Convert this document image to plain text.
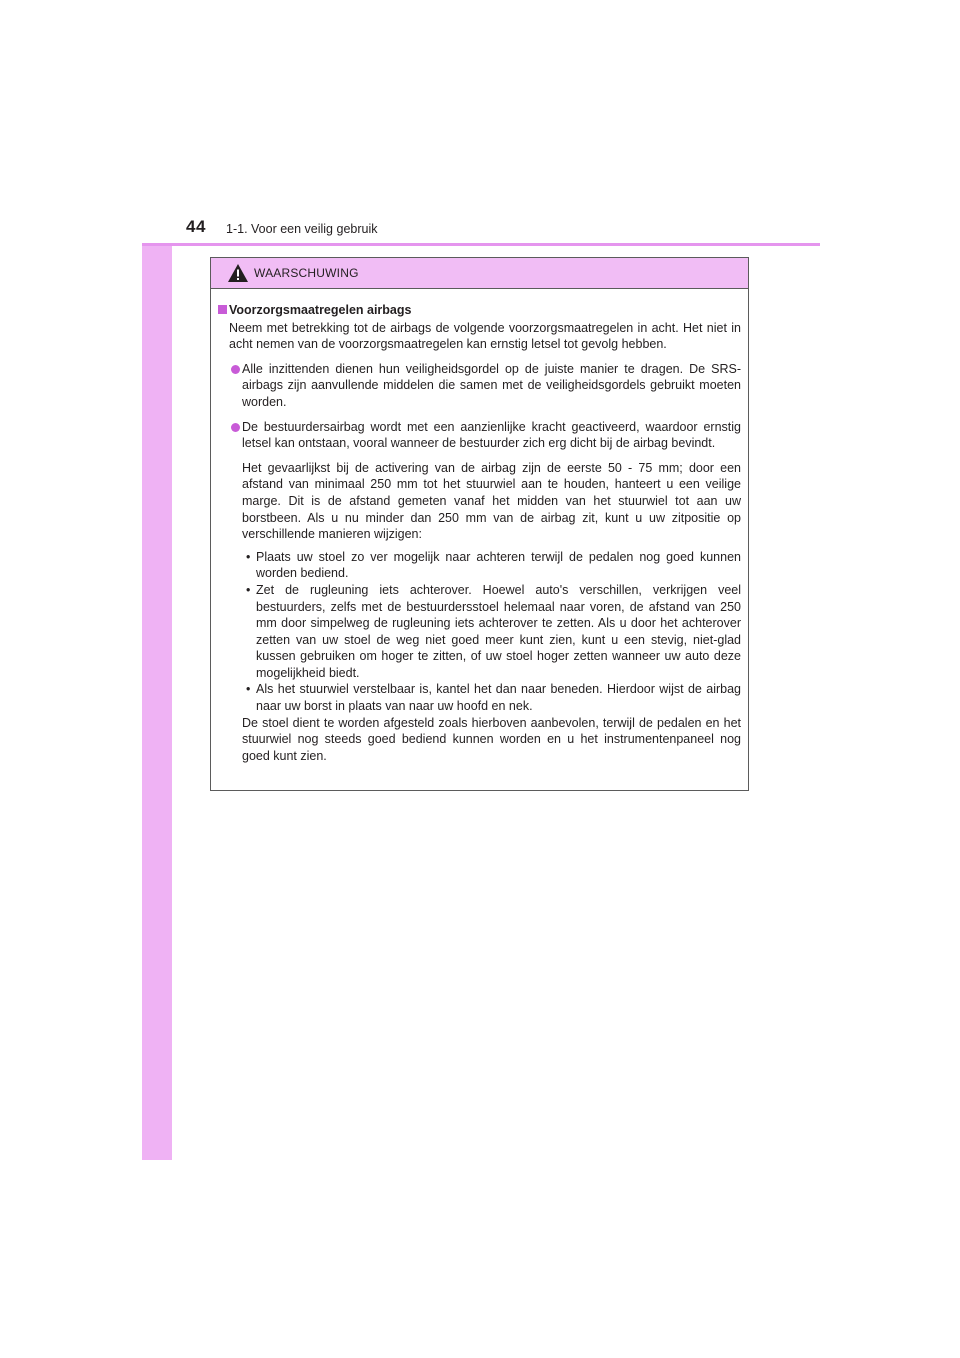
44 1-1. Voor een veilig gebruik
WAARSCHUWING
Voorzorgsmaatregelen airbags
Neem met betrekking tot de airbags de volgende voorzorgsmaatregelen in acht. Het niet in acht nemen van de voorzorgsmaatregelen kan ernstig letsel tot gevolg hebben.
Alle inzittenden dienen hun veiligheidsgordel op de juiste manier te dragen. De SRS-airbags zijn aanvullende middelen die samen met de veiligheidsgordels gebruikt moeten worden.
De bestuurdersairbag wordt met een aanzienlijke kracht geactiveerd, waardoor ernstig letsel kan ontstaan, vooral wanneer de bestuurder zich erg dicht bij de airbag bevindt.
Het gevaarlijkst bij de activering van de airbag zijn de eerste 50 - 75 mm; door een afstand van minimaal 250 mm tot het stuurwiel aan te houden, hanteert u een veilige marge. Dit is de afstand gemeten vanaf het midden van het stuurwiel tot aan uw borstbeen. Als u nu minder dan 250 mm van de airbag zit, kunt u uw zitpositie op verschillende manieren wijzigen:
• Plaats uw stoel zo ver mogelijk naar achteren terwijl de pedalen nog goed kunnen worden bediend.
• Zet de rugleuning iets achterover. Hoewel auto's verschillen, verkrijgen veel bestuurders, zelfs met de bestuurdersstoel helemaal naar voren, de afstand van 250 mm door simpelweg de rugleuning iets achterover te zetten. Als u door het achterover zetten van uw stoel de weg niet goed meer kunt zien, kunt u een stevig, niet-glad kussen gebruiken om hoger te zitten, of uw stoel hoger zetten wanneer uw auto deze mogelijkheid biedt.
• Als het stuurwiel verstelbaar is, kantel het dan naar beneden. Hierdoor wijst de airbag naar uw borst in plaats van naar uw hoofd en nek.
De stoel dient te worden afgesteld zoals hierboven aanbevolen, terwijl de pedalen en het stuurwiel nog steeds goed bediend kunnen worden en u het instrumentenpaneel nog goed kunt zien.
